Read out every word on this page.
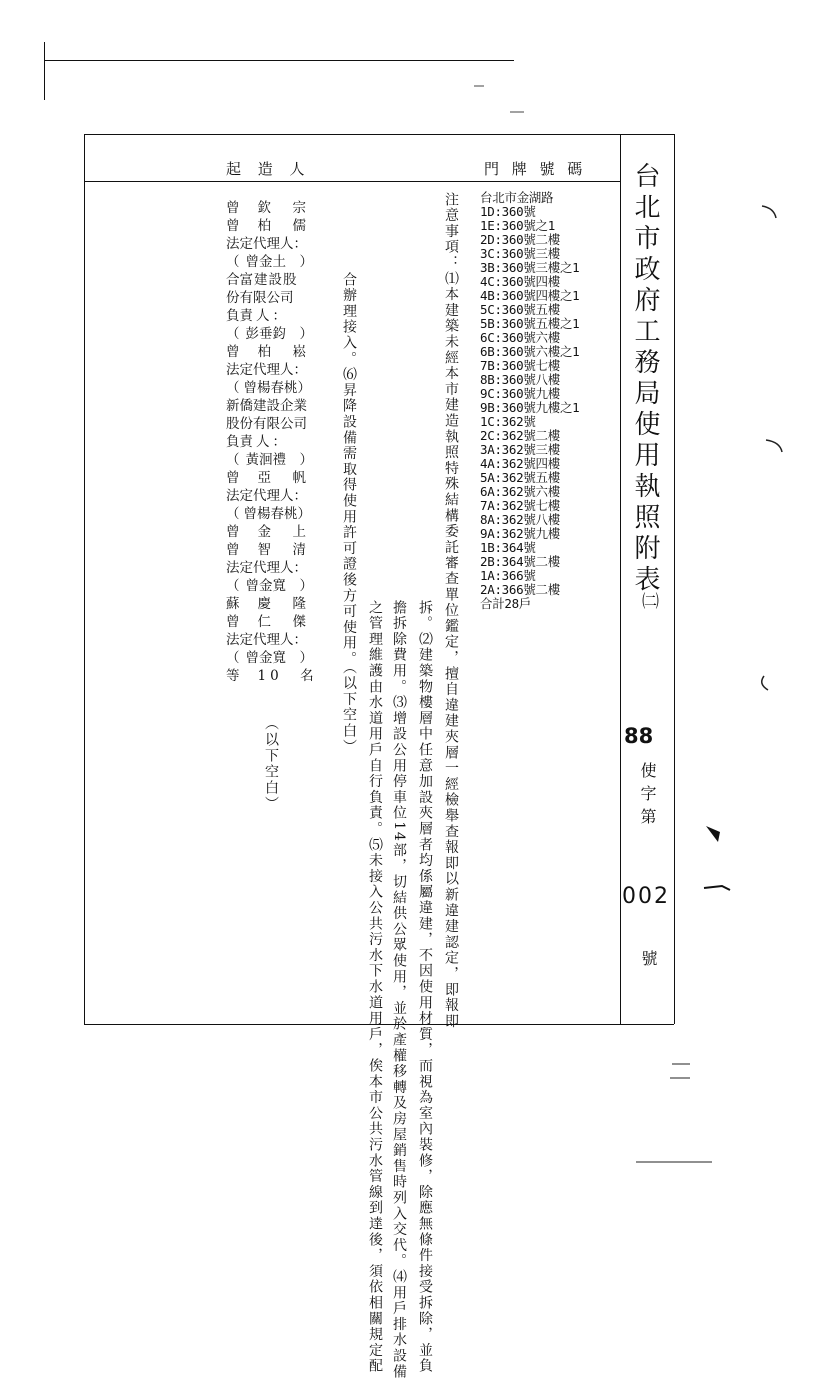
起 造 人	門 牌 號 碼 台北市政府工務局使用執照附表
㈡
88
使字第
002
號
台北市金湖路
1D:360號
1E:360號之1
2D:360號二樓
3C:360號三樓
3B:360號三樓之1
4C:360號四樓
4B:360號四樓之1
5C:360號五樓
5B:360號五樓之1
6C:360號六樓
6B:360號六樓之1
7B:360號七樓
8B:360號八樓
9C:360號九樓
9B:360號九樓之1
1C:362號
2C:362號二樓
3A:362號三樓
4A:362號四樓
5A:362號五樓
6A:362號六樓
7A:362號七樓
8A:362號八樓
9A:362號九樓
1B:364號
2B:364號二樓
1A:366號
2A:366號二樓
合計28戶
注意事項：⑴本建築未經本市建造執照特殊結構委託審查單位鑑定，擅自違建夾層一經檢舉查報即以新違建認定，即報即
拆。⑵建築物樓層中任意加設夾層者均係屬違建，不因使用材質，而視為室內裝修，除應無條件接受拆除，並負
擔拆除費用。⑶增設公用停車位14部，切結供公眾使用，並於產權移轉及房屋銷售時列入交代。⑷用戶排水設備
之管理維護由水道用戶自行負責。⑸未接入公共污水下水道用戶，俟本市公共污水管線到達後，須依相關規定配
合辦理接入。⑹昇降設備需取得使用許可證後方可使用。（以下空白）
曾 欽　宗
曾 柏　儒
法定代理人：
（ 曾金土　）
合富建設股
份有限公司
負責人：
（ 彭垂鈞　）
曾 柏　崧
法定代理人：
（ 曾楊春桃）
新僑建設企業
股份有限公司
負責人：
（ 黃洄禮　）
曾 亞　帆
法定代理人：
（ 曾楊春桃）
曾 金　上
曾 智　清
法定代理人：
（ 曾金寬　）
蘇 慶　隆
曾 仁　傑
法定代理人：
（ 曾金寬　）
等 10　名
（以下空白）
